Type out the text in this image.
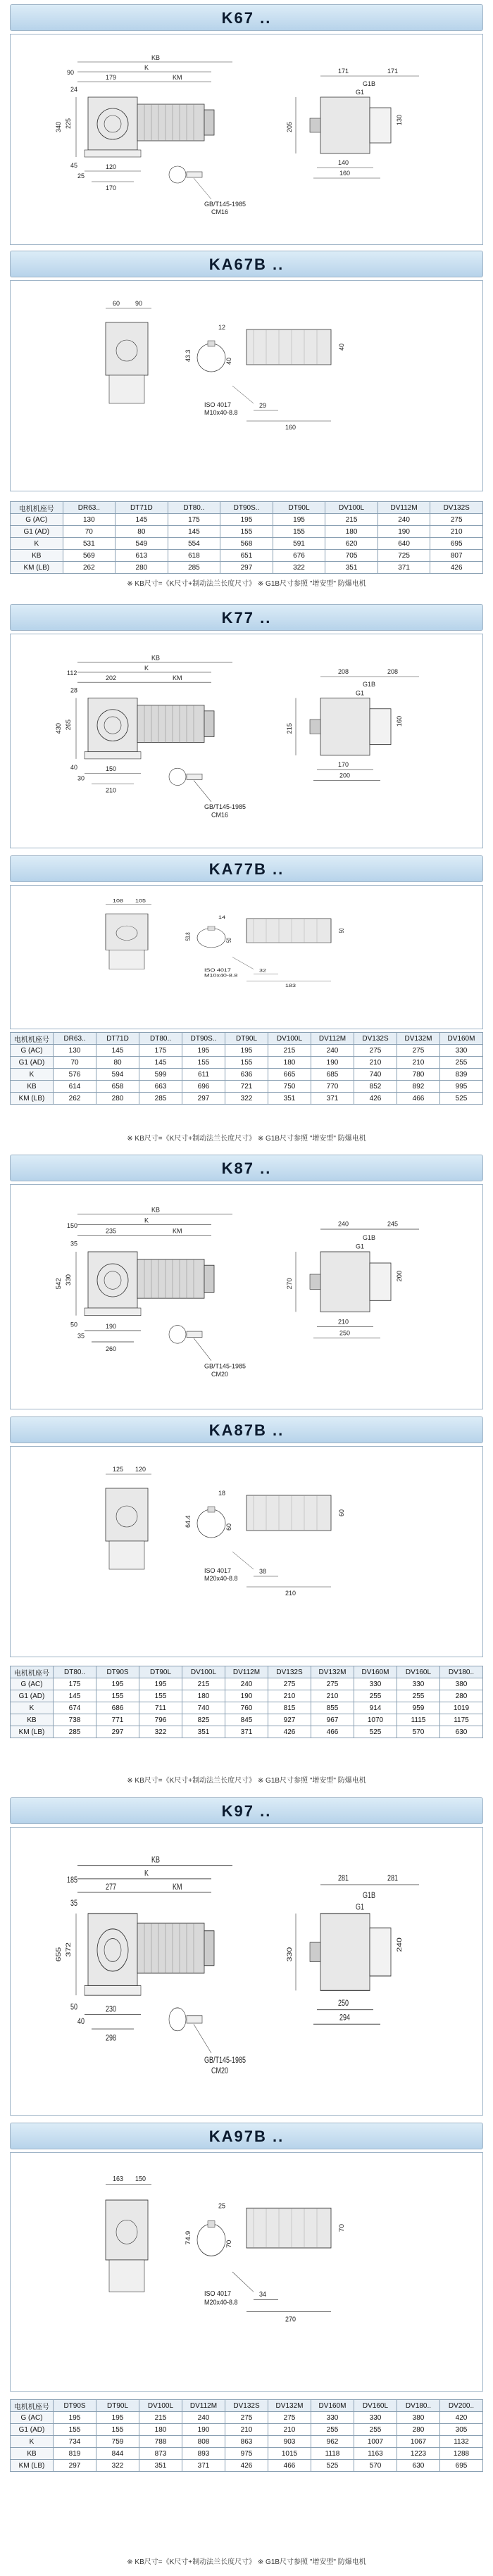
K67 ..
KB
K
179	KM
90
24
45	120
170
25
225
340
GB/T145-1985
CM16
171	171
G1B
G1
205
140
160
130
KA67B ..
60 90
12
43.3	40
ISO 4017
M10x40-8.8
160
29
40
电机机座号	DR63..	DT71D	DT80..	DT90S..	DT90L	DV100L	DV112M	DV132S
G (AC)	130	145	175	195	195	215	240	275
G1 (AD)	70	80	145	155	155	180	190	210
K	531	549	554	568	591	620	640	695
KB	569	613	618	651	676	705	725	807
KM (LB)	262	280	285	297	322	351	371	426
※ KB尺寸=《K尺寸+制动法兰长度尺寸》 ※ G1B尺寸参照 "增安型" 防爆电机
K77 ..
KB
K
202	KM
112
28
40	150
210
30
265
430
GB/T145-1985
CM16
208	208
G1B
G1
215
170
200
160
KA77B ..
108 105
14
53.8	50
ISO 4017
M10x40-8.8
183
32
50
电机机座号	DR63..	DT71D	DT80..	DT90S..	DT90L	DV100L	DV112M	DV132S	DV132M	DV160M
G (AC)	130	145	175	195	195	215	240	275	275	330
G1 (AD)	70	80	145	155	155	180	190	210	210	255
K	576	594	599	611	636	665	685	740	780	839
KB	614	658	663	696	721	750	770	852	892	995
KM (LB)	262	280	285	297	322	351	371	426	466	525
※ KB尺寸=《K尺寸+制动法兰长度尺寸》 ※ G1B尺寸参照 "增安型" 防爆电机
K87 ..
KB
K
235	KM
150
35
50	190
260
35
330
542
GB/T145-1985
CM20
240	245
G1B
G1
270
210
250
200
KA87B ..
125 120
18
64.4	60
ISO 4017
M20x40-8.8
210
38
60
电机机座号	DT80..	DT90S	DT90L	DV100L	DV112M	DV132S	DV132M	DV160M	DV160L	DV180..
G (AC)	175	195	195	215	240	275	275	330	330	380
G1 (AD)	145	155	155	180	190	210	210	255	255	280
K	674	686	711	740	760	815	855	914	959	1019
KB	738	771	796	825	845	927	967	1070	1115	1175
KM (LB)	285	297	322	351	371	426	466	525	570	630
※ KB尺寸=《K尺寸+制动法兰长度尺寸》 ※ G1B尺寸参照 "增安型" 防爆电机
K97 ..
KB
K
277	KM
185
35
50	230
298
40
372
655
GB/T145-1985
CM20
281	281
G1B
G1
330
250
294
240
KA97B ..
163 150
25
74.9	70
ISO 4017
M20x40-8.8
270
34
70
电机机座号	DT90S	DT90L	DV100L	DV112M	DV132S	DV132M	DV160M	DV160L	DV180..	DV200..
G (AC)	195	195	215	240	275	275	330	330	380	420
G1 (AD)	155	155	180	190	210	210	255	255	280	305
K	734	759	788	808	863	903	962	1007	1067	1132
KB	819	844	873	893	975	1015	1118	1163	1223	1288
KM (LB)	297	322	351	371	426	466	525	570	630	695
※ KB尺寸=《K尺寸+制动法兰长度尺寸》 ※ G1B尺寸参照 "增安型" 防爆电机
